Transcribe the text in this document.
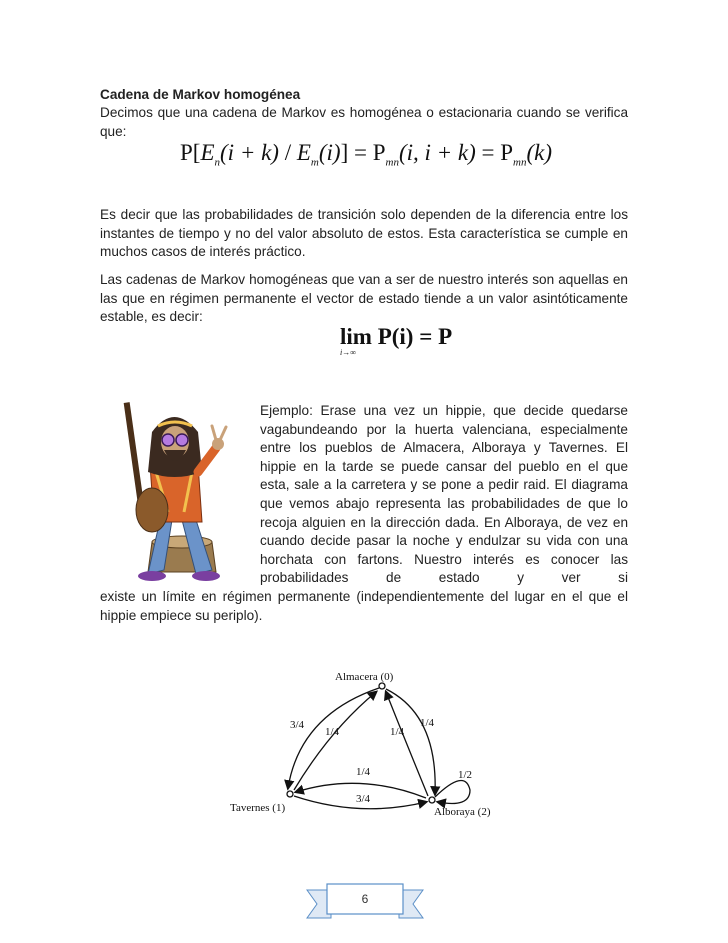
Cadena de Markov homogénea
Decimos que una cadena de Markov es homogénea o estacionaria cuando se verifica que:
$P[E_n(i + k) / E_m(i)] = P_{mn}(i$, $i + k) = P_{mn}(k)$
Es decir que las probabilidades de transición solo dependen de la diferencia entre los instantes de tiempo y no del valor absoluto de estos. Esta característica se cumple en muchos casos de interés práctico.
Las cadenas de Markov homogéneas que van a ser de nuestro interés son aquellas en las que en régimen permanente el vector de estado tiende a un valor asintóticamente estable, es decir:
lim
i→∞
P(i) = P
Ejemplo: Erase una vez un hippie, que decide quedarse vagabundeando por la huerta valenciana, especialmente entre los pueblos de Almacera, Alboraya y Tavernes. El hippie en la tarde se puede cansar del pueblo en el que esta, sale a la carretera y se pone a pedir raid. El diagrama que vemos abajo representa las probabilidades de que lo recoja alguien en la dirección dada. En Alboraya, de vez en cuando decide pasar la noche y endulzar su vida con una horchata con fartons. Nuestro interés es conocer las probabilidades de estado y ver si
existe un límite en régimen permanente (independientemente del lugar en el que el hippie empiece su periplo).
Almacera (0)
Tavernes (1)	Alboraya (2)
3/4
1/4	1/4
1/4
1/4
3/4
1/2
6
